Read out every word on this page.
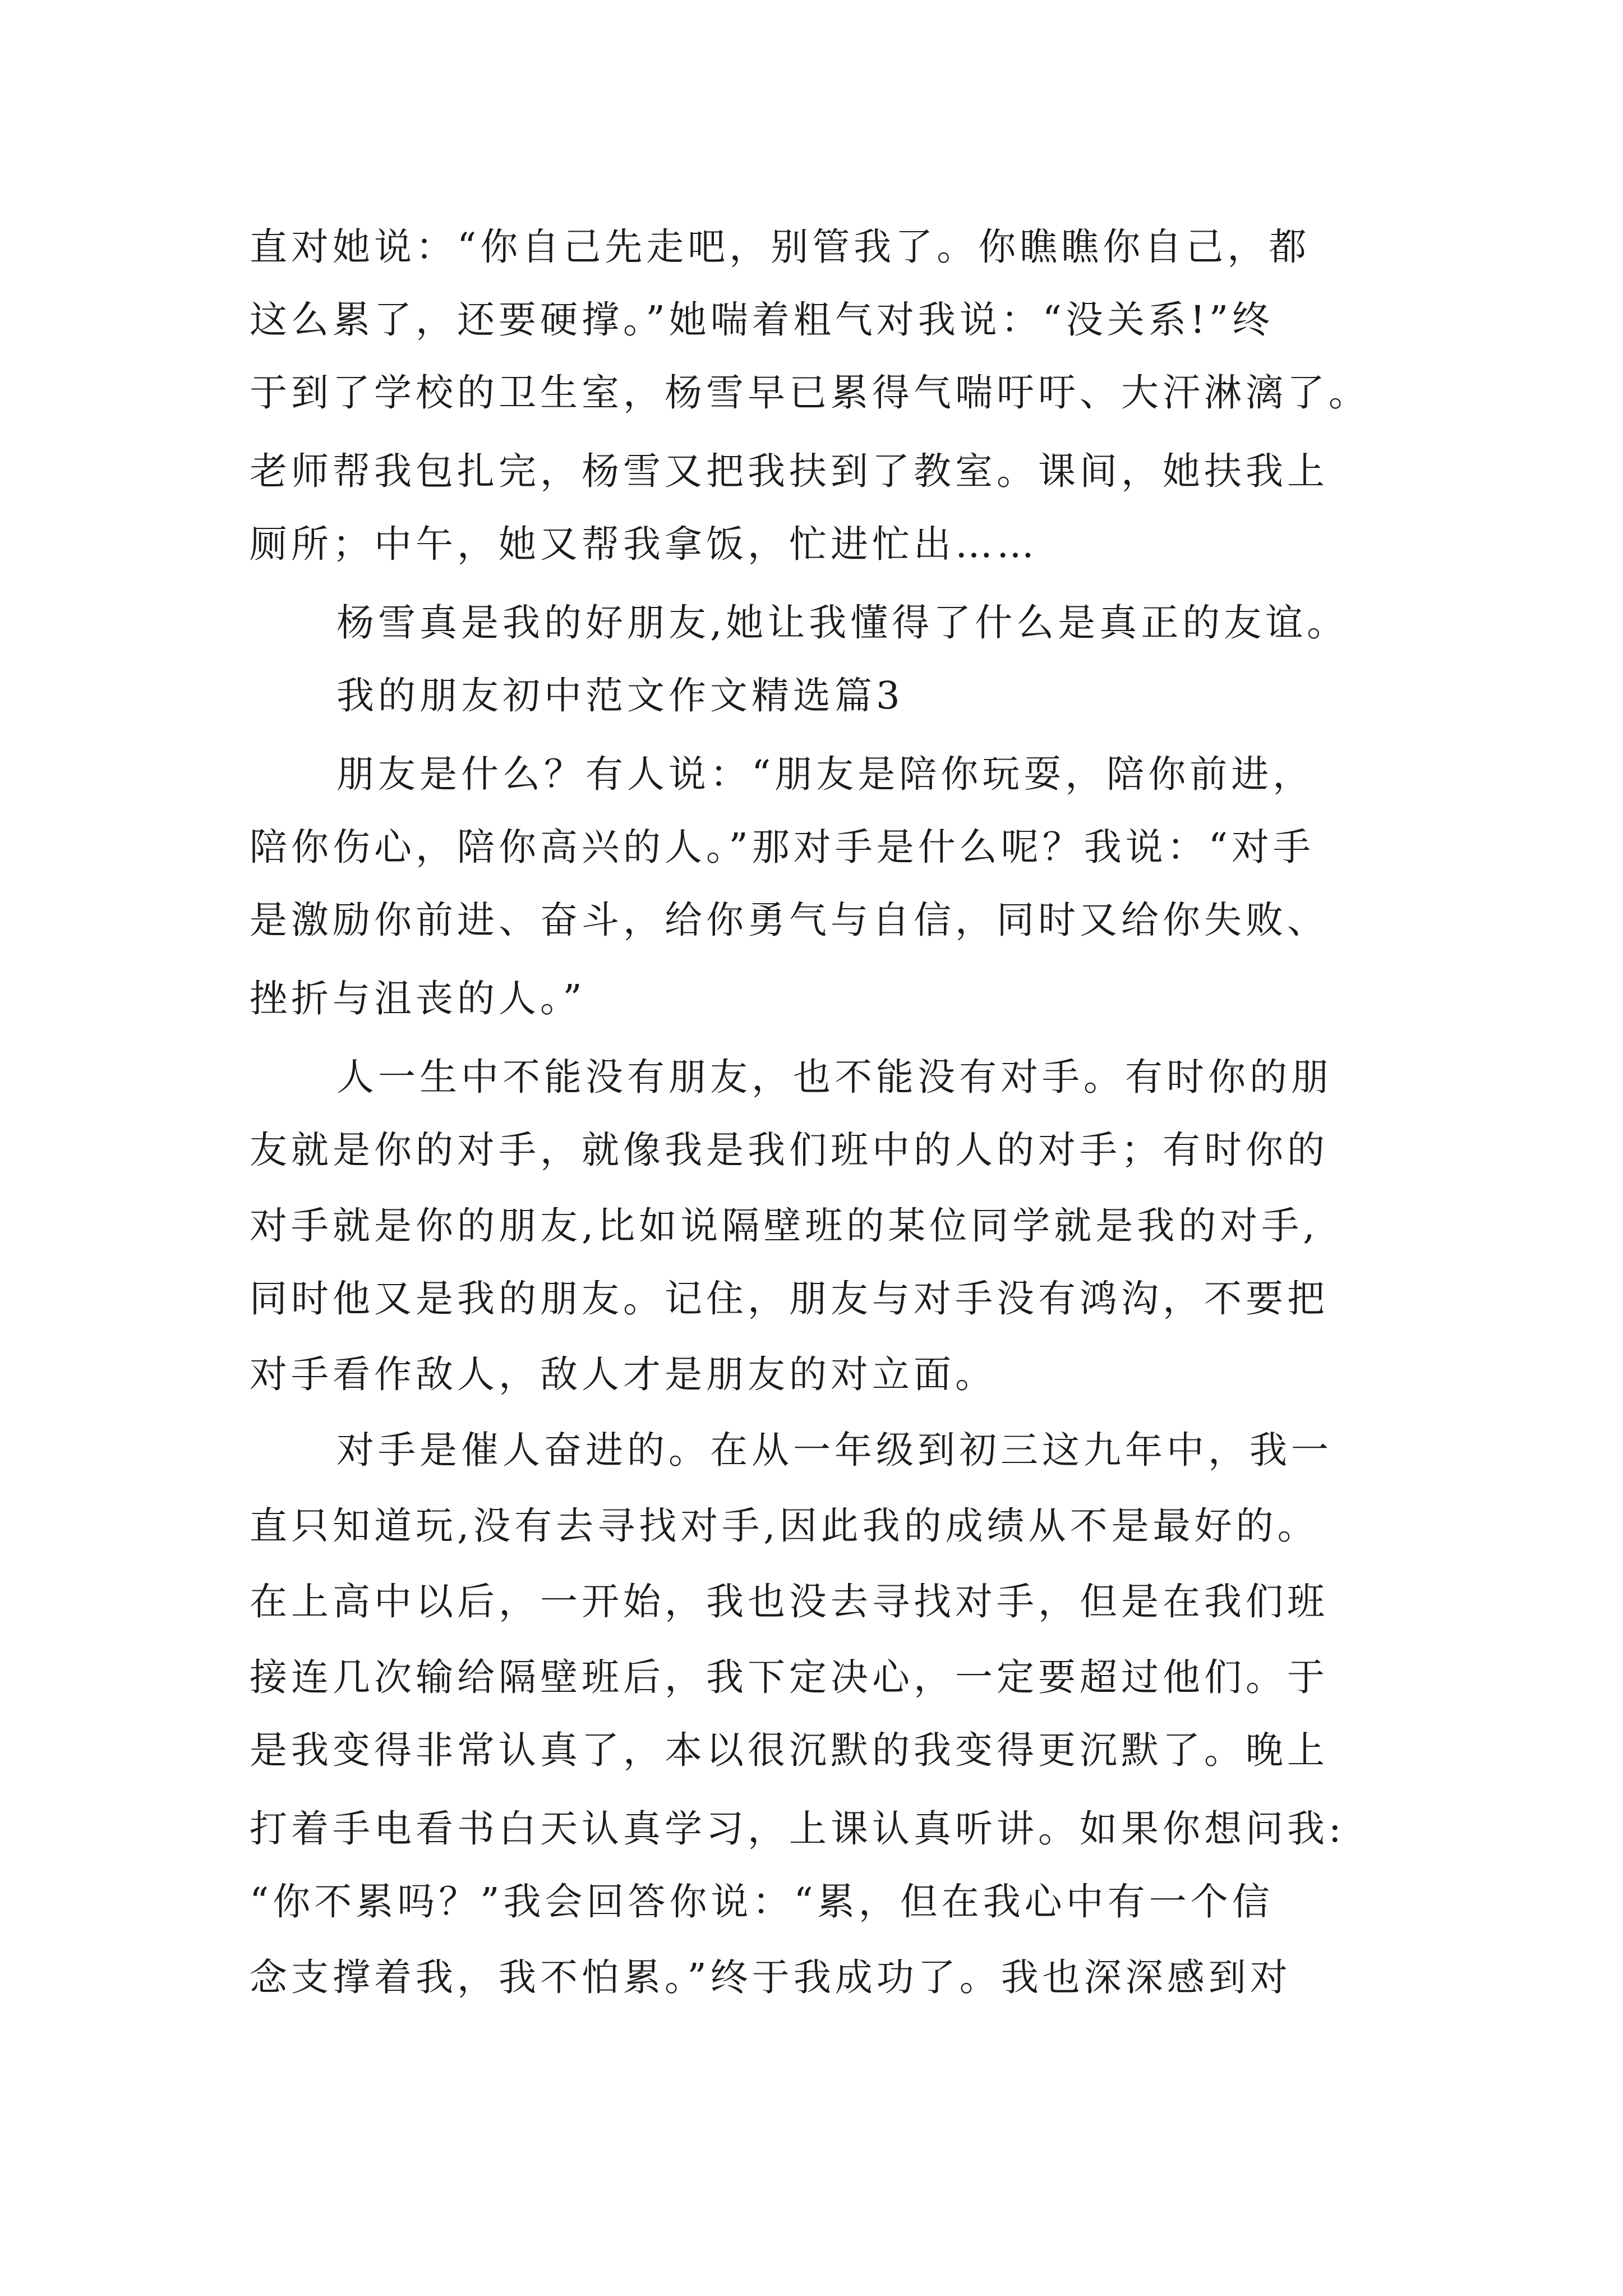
直对她说：“你自己先走吧，别管我了。你瞧瞧你自己，都
这么累了，还要硬撑。”她喘着粗气对我说：“没关系!”终
于到了学校的卫生室，杨雪早已累得气喘吁吁、大汗淋漓了。
老师帮我包扎完，杨雪又把我扶到了教室。课间，她扶我上
厕所；中午，她又帮我拿饭，忙进忙出……
杨雪真是我的好朋友,她让我懂得了什么是真正的友谊。
我的朋友初中范文作文精选篇3
朋友是什么？有人说：“朋友是陪你玩耍，陪你前进，
陪你伤心，陪你高兴的人。”那对手是什么呢？我说：“对手
是激励你前进、奋斗，给你勇气与自信，同时又给你失败、
挫折与沮丧的人。”
人一生中不能没有朋友，也不能没有对手。有时你的朋
友就是你的对手，就像我是我们班中的人的对手；有时你的
对手就是你的朋友,比如说隔壁班的某位同学就是我的对手,
同时他又是我的朋友。记住，朋友与对手没有鸿沟，不要把
对手看作敌人，敌人才是朋友的对立面。
对手是催人奋进的。在从一年级到初三这九年中，我一
直只知道玩,没有去寻找对手,因此我的成绩从不是最好的。
在上高中以后，一开始，我也没去寻找对手，但是在我们班
接连几次输给隔壁班后，我下定决心，一定要超过他们。于
是我变得非常认真了，本以很沉默的我变得更沉默了。晚上
打着手电看书白天认真学习，上课认真听讲。如果你想问我:
“你不累吗？”我会回答你说：“累，但在我心中有一个信
念支撑着我，我不怕累。”终于我成功了。我也深深感到对
